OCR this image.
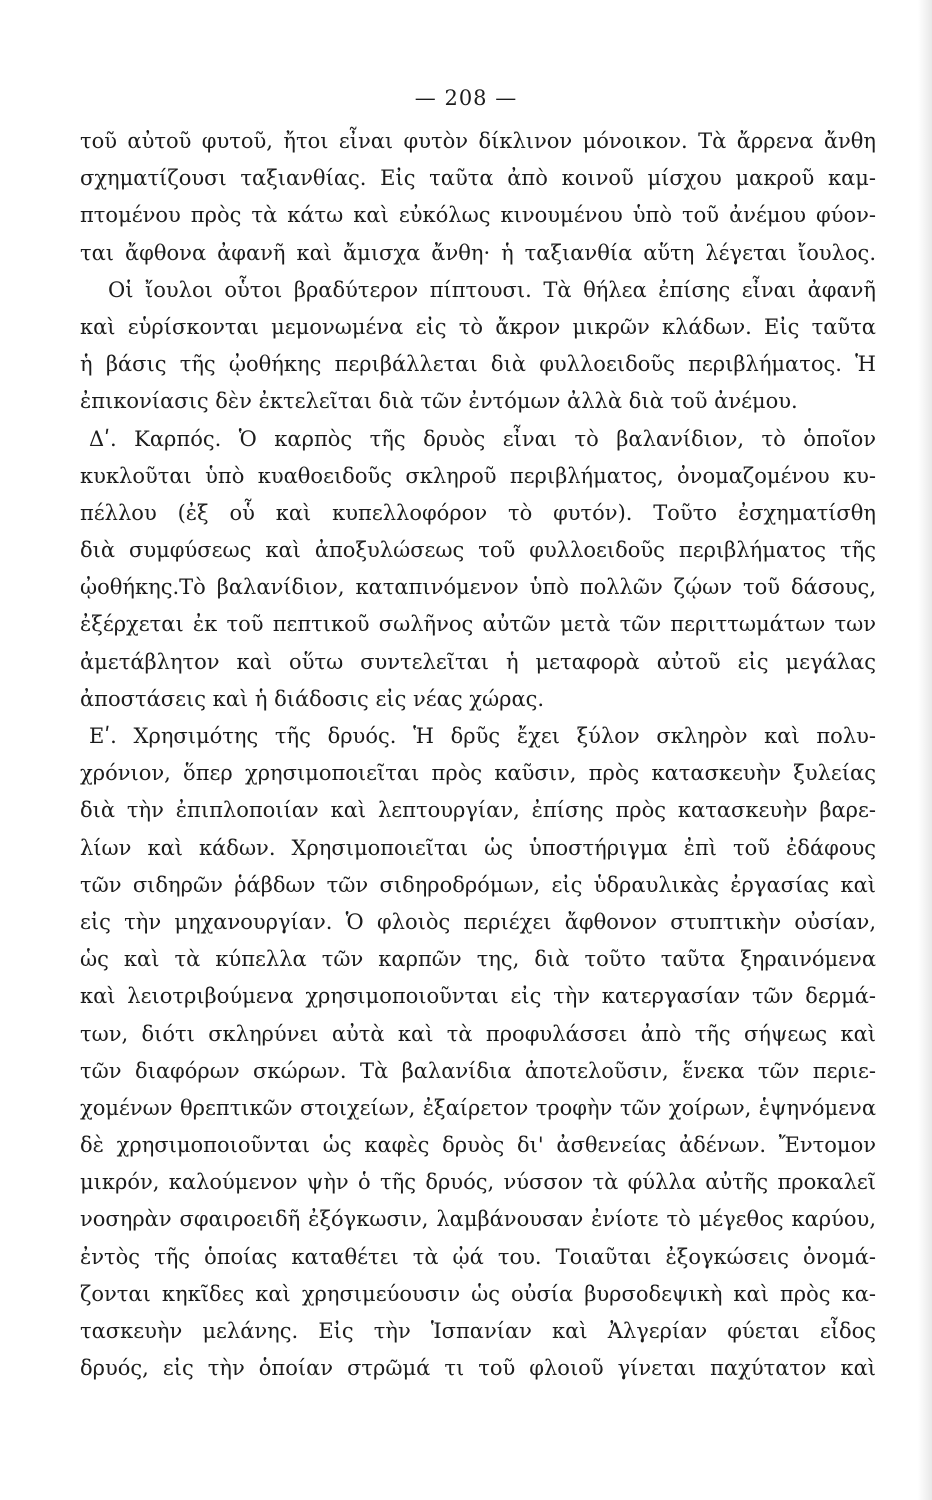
— 208 —
τοῦ αὐτοῦ φυτοῦ, ἤτοι εἶναι φυτὸν δίκλινον μόνοικον. Τὰ ἄρρενα ἄνθη
σχηματίζουσι ταξιανθίας. Εἰς ταῦτα ἀπὸ κοινοῦ μίσχου μακροῦ καμ-
πτομένου πρὸς τὰ κάτω καὶ εὐκόλως κινουμένου ὑπὸ τοῦ ἀνέμου φύον-
ται ἄφθονα ἀφανῆ καὶ ἄμισχα ἄνθη· ἡ ταξιανθία αὕτη λέγεται ἴουλος.
Οἱ ἴουλοι οὗτοι βραδύτερον πίπτουσι. Τὰ θήλεα ἐπίσης εἶναι ἀφανῆ
καὶ εὑρίσκονται μεμονωμένα εἰς τὸ ἄκρον μικρῶν κλάδων. Εἰς ταῦτα
ἡ βάσις τῆς ᾠοθήκης περιβάλλεται διὰ φυλλοειδοῦς περιβλήματος. Ἡ
ἐπικονίασις δὲν ἐκτελεῖται διὰ τῶν ἐντόμων ἀλλὰ διὰ τοῦ ἀνέμου.
Δʹ. Καρπός. Ὁ καρπὸς τῆς δρυὸς εἶναι τὸ βαλανίδιον, τὸ ὁποῖον
κυκλοῦται ὑπὸ κυαθοειδοῦς σκληροῦ περιβλήματος, ὀνομαζομένου κυ-
πέλλου (ἐξ οὗ καὶ κυπελλοφόρον τὸ φυτόν). Τοῦτο ἐσχηματίσθη
διὰ συμφύσεως καὶ ἀποξυλώσεως τοῦ φυλλοειδοῦς περιβλήματος τῆς
ᾠοθήκης.Τὸ βαλανίδιον, καταπινόμενον ὑπὸ πολλῶν ζῴων τοῦ δάσους,
ἐξέρχεται ἐκ τοῦ πεπτικοῦ σωλῆνος αὐτῶν μετὰ τῶν περιττωμάτων των
ἀμετάβλητον καὶ οὕτω συντελεῖται ἡ μεταφορὰ αὐτοῦ εἰς μεγάλας
ἀποστάσεις καὶ ἡ διάδοσις εἰς νέας χώρας.
Εʹ. Χρησιμότης τῆς δρυός. Ἡ δρῦς ἔχει ξύλον σκληρὸν καὶ πολυ-
χρόνιον, ὅπερ χρησιμοποιεῖται πρὸς καῦσιν, πρὸς κατασκευὴν ξυλείας
διὰ τὴν ἐπιπλοποιίαν καὶ λεπτουργίαν, ἐπίσης πρὸς κατασκευὴν βαρε-
λίων καὶ κάδων. Χρησιμοποιεῖται ὡς ὑποστήριγμα ἐπὶ τοῦ ἐδάφους
τῶν σιδηρῶν ῥάβδων τῶν σιδηροδρόμων, εἰς ὑδραυλικὰς ἐργασίας καὶ
εἰς τὴν μηχανουργίαν. Ὁ φλοιὸς περιέχει ἄφθονον στυπτικὴν οὐσίαν,
ὡς καὶ τὰ κύπελλα τῶν καρπῶν της, διὰ τοῦτο ταῦτα ξηραινόμενα
καὶ λειοτριβούμενα χρησιμοποιοῦνται εἰς τὴν κατεργασίαν τῶν δερμά-
των, διότι σκληρύνει αὐτὰ καὶ τὰ προφυλάσσει ἀπὸ τῆς σήψεως καὶ
τῶν διαφόρων σκώρων. Τὰ βαλανίδια ἀποτελοῦσιν, ἕνεκα τῶν περιε-
χομένων θρεπτικῶν στοιχείων, ἐξαίρετον τροφὴν τῶν χοίρων, ἑψηνόμενα
δὲ χρησιμοποιοῦνται ὡς καφὲς δρυὸς δι' ἀσθενείας ἀδένων. Ἔντομον
μικρόν, καλούμενον ψὴν ὁ τῆς δρυός, νύσσον τὰ φύλλα αὐτῆς προκαλεῖ
νοσηρὰν σφαιροειδῆ ἐξόγκωσιν, λαμβάνουσαν ἐνίοτε τὸ μέγεθος καρύου,
ἐντὸς τῆς ὁποίας καταθέτει τὰ ᾠά του. Τοιαῦται ἐξογκώσεις ὀνομά-
ζονται κηκῖδες καὶ χρησιμεύουσιν ὡς οὐσία βυρσοδεψικὴ καὶ πρὸς κα-
τασκευὴν μελάνης. Εἰς τὴν Ἱσπανίαν καὶ Ἀλγερίαν φύεται εἶδος
δρυός, εἰς τὴν ὁποίαν στρῶμά τι τοῦ φλοιοῦ γίνεται παχύτατον καὶ
